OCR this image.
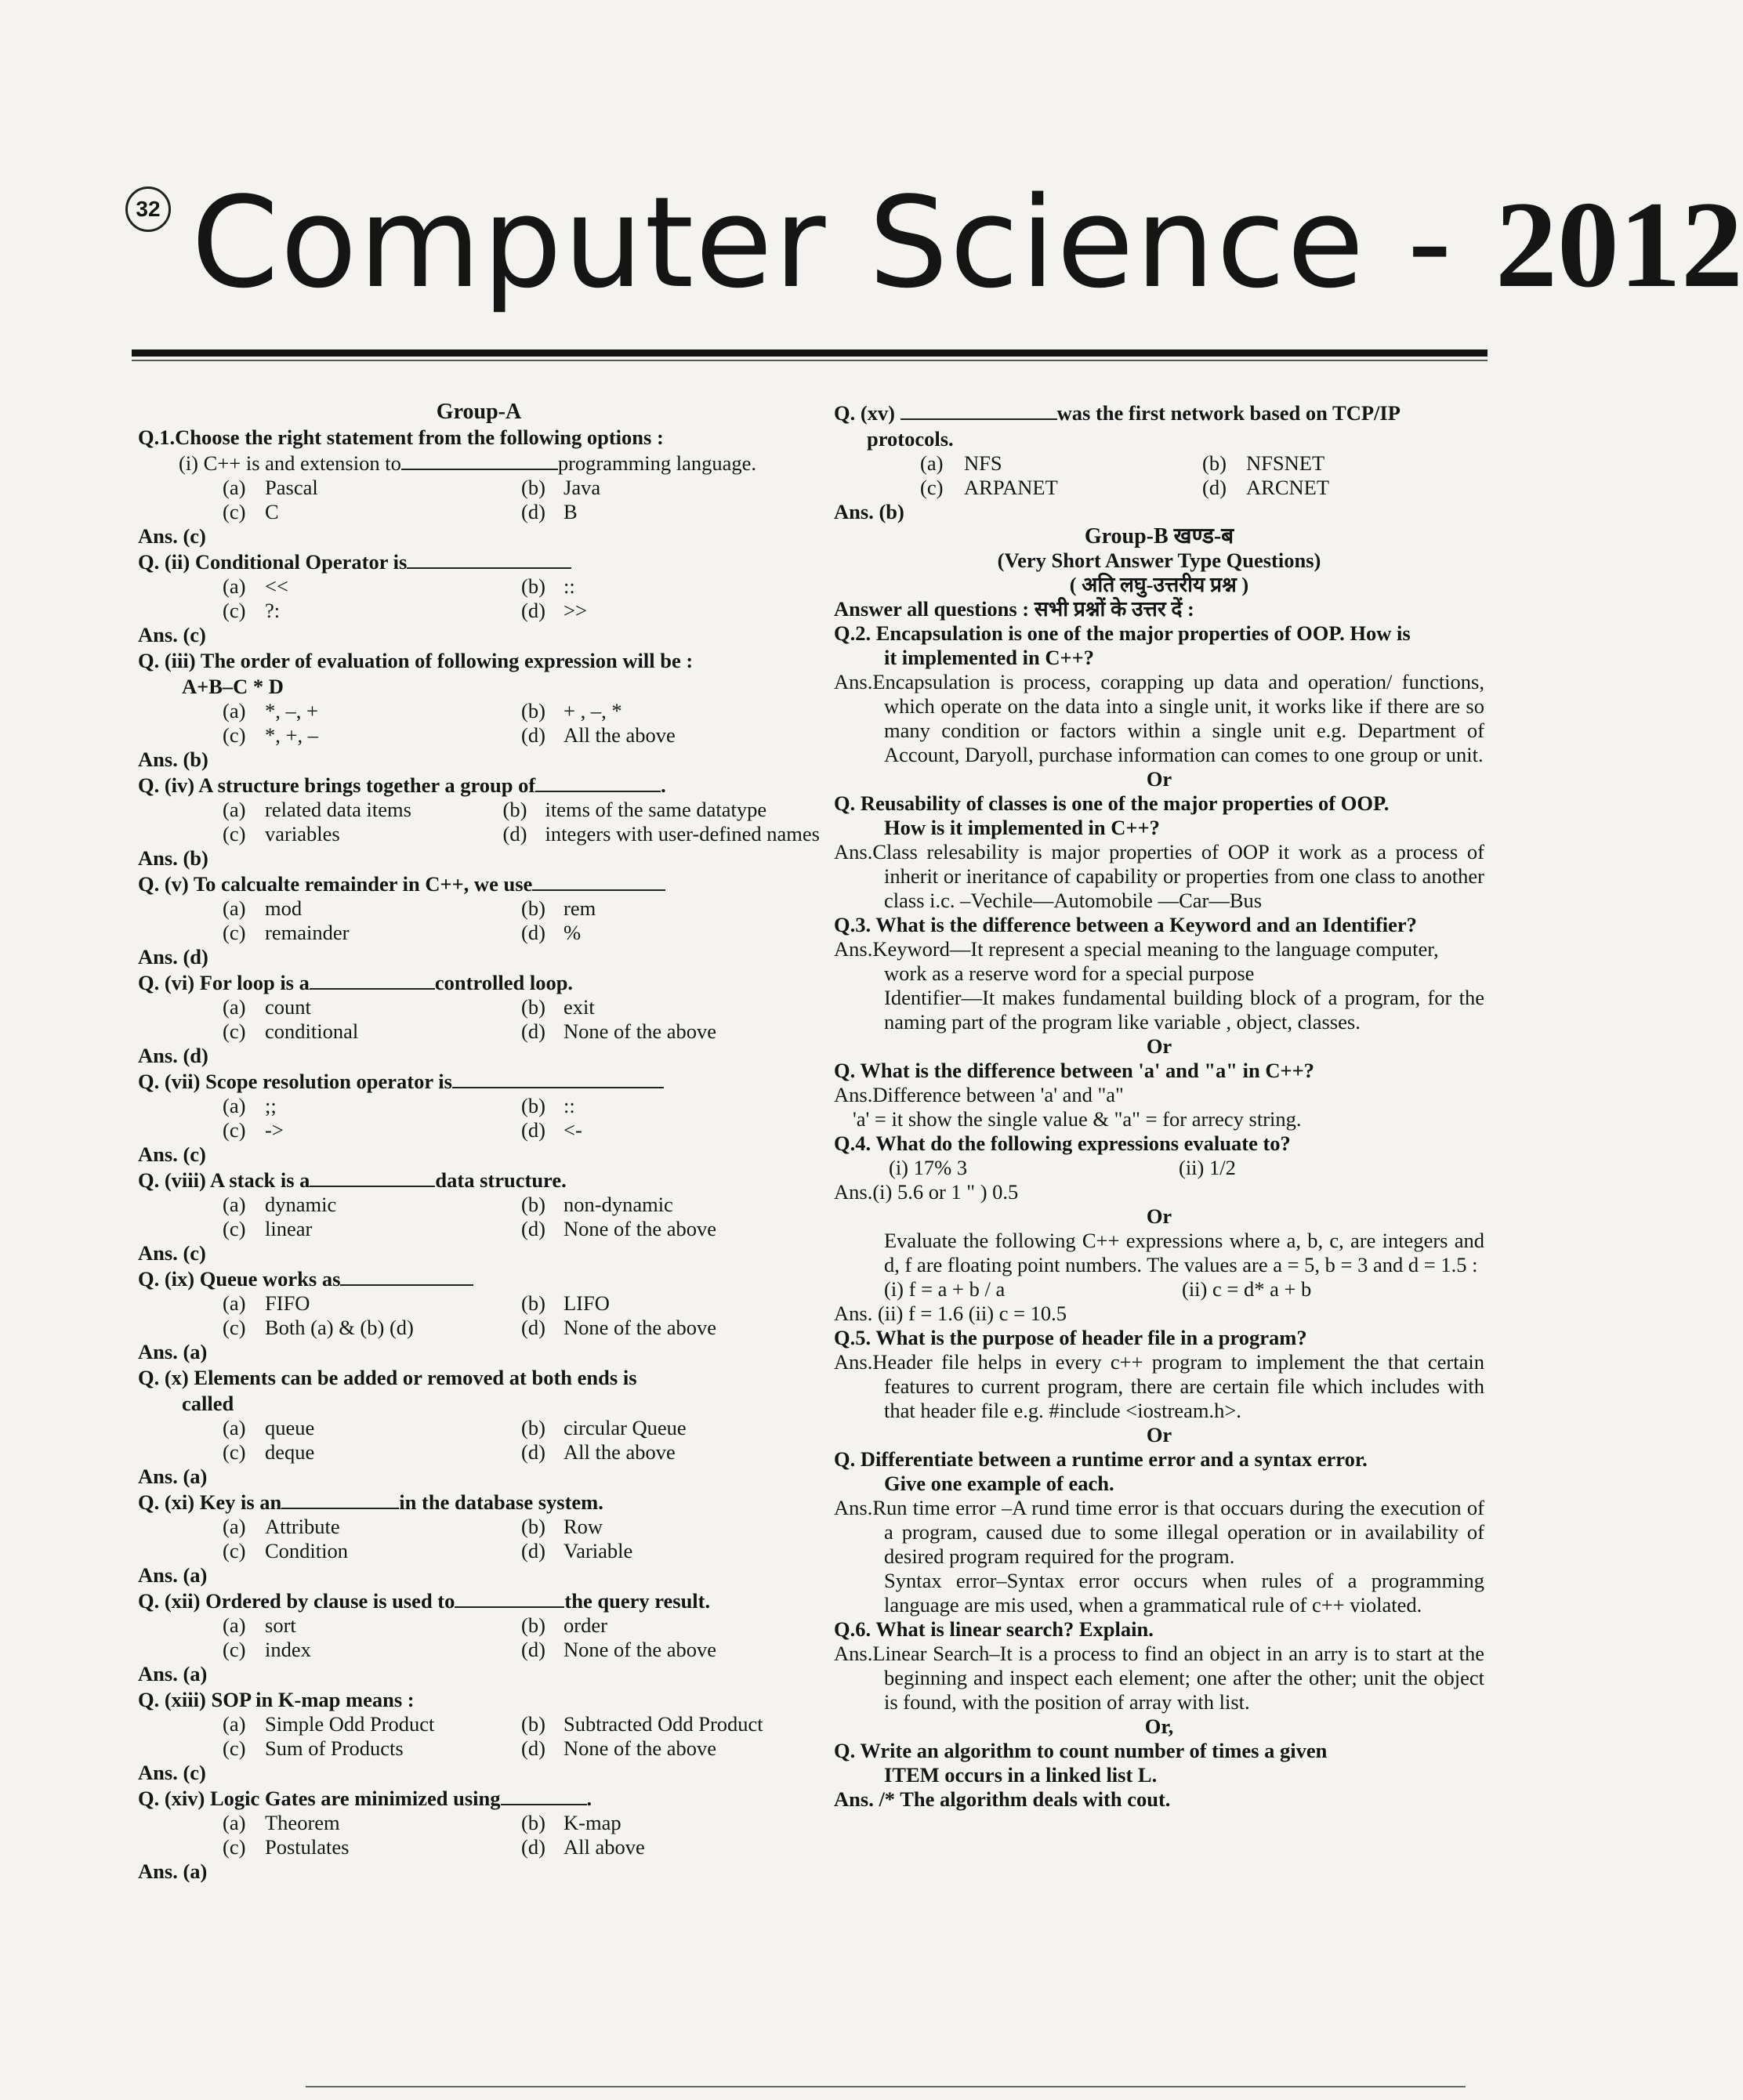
32 Computer Science - 2012
Group-A
Q.1.Choose the right statement from the following options :
(i) C++ is and extension to	programming language.
(a) Pascal	(b) Java
(c) C	(d) B
Ans. (c)
Q. (ii) Conditional Operator is
(a) <<	(b) ::
(c) ?:	(d) >>
Ans. (c)
Q. (iii) The order of evaluation of following expression will be :
A+B–C * D
(a) *, –, +	(b) + , –, *
(c) *, +, –	(d) All the above
Ans. (b)
Q. (iv) A structure brings together a group of	.
(a) related data items	(b) items of the same datatype
(c) variables	(d) integers with user-defined names
Ans. (b)
Q. (v) To calcualte remainder in C++, we use
(a) mod	(b) rem
(c) remainder	(d) %
Ans. (d)
Q. (vi) For loop is a	controlled loop.
(a) count	(b) exit
(c) conditional	(d) None of the above
Ans. (d)
Q. (vii) Scope resolution operator is
(a) ;;	(b) ::
(c) ->	(d) <-
Ans. (c)
Q. (viii) A stack is a	data structure.
(a) dynamic	(b) non-dynamic
(c) linear	(d) None of the above
Ans. (c)
Q. (ix) Queue works as
(a) FIFO	(b) LIFO
(c) Both (a) & (b) (d)	(d) None of the above
Ans. (a)
Q. (x) Elements can be added or removed at both ends is
called
(a) queue	(b) circular Queue
(c) deque	(d) All the above
Ans. (a)
Q. (xi) Key is an	in the database system.
(a) Attribute	(b) Row
(c) Condition	(d) Variable
Ans. (a)
Q. (xii) Ordered by clause is used to	the query result.
(a) sort	(b) order
(c) index	(d) None of the above
Ans. (a)
Q. (xiii) SOP in K-map means :
(a) Simple Odd Product	(b) Subtracted Odd Product
(c) Sum of Products	(d) None of the above
Ans. (c)
Q. (xiv) Logic Gates are minimized using	.
(a) Theorem	(b) K-map
(c) Postulates	(d) All above
Ans. (a)
Q. (xv)	was the first network based on TCP/IP
protocols.
(a)	NFS	(b) NFSNET
(c)	ARPANET	(d) ARCNET
Ans. (b)
Group-B खण्ड-ब
(Very Short Answer Type Questions)
( अति लघु-उत्तरीय प्रश्न )
Answer all questions : सभी प्रश्नों के उत्तर दें :
Q.2. Encapsulation is one of the major properties of OOP. How is
it implemented in C++?
Ans.Encapsulation is process, corapping up data and operation/ functions, which operate on the data into a single unit, it works like if there are so many condition or factors within a single unit e.g. Department of Account, Daryoll, purchase information can comes to one group or unit.
Or
Q. Reusability of classes is one of the major properties of OOP.
How is it implemented in C++?
Ans.Class relesability is major properties of OOP it work as a process of inherit or ineritance of capability or properties from one class to another class i.c. –Vechile—Automobile —Car—Bus
Q.3. What is the difference between a Keyword and an Identifier?
Ans.Keyword—It represent a special meaning to the language computer,
work as a reserve word for a special purpose
Identifier—It makes fundamental building block of a program, for the naming part of the program like variable , object, classes.
Or
Q. What is the difference between 'a' and "a" in C++?
Ans.Difference between 'a' and "a"
'a' = it show the single value & "a" = for arrecy string.
Q.4. What do the following expressions evaluate to?
(i) 17% 3	(ii) 1/2
Ans.(i) 5.6 or 1 " ) 0.5
Or
Evaluate the following C++ expressions where a, b, c, are integers and d, f are floating point numbers. The values are a = 5, b = 3 and d = 1.5 :
(i) f = a + b / a	(ii) c = d* a + b
Ans. (ii) f = 1.6 (ii) c = 10.5
Q.5. What is the purpose of header file in a program?
Ans.Header file helps in every c++ program to implement the that certain features to current program, there are certain file which includes with that header file e.g. #include <iostream.h>.
Or
Q. Differentiate between a runtime error and a syntax error.
Give one example of each.
Ans.Run time error –A rund time error is that occuars during the execution of a program, caused due to some illegal operation or in availability of desired program required for the program.
Syntax error–Syntax error occurs when rules of a programming language are mis used, when a grammatical rule of c++ violated.
Q.6. What is linear search? Explain.
Ans.Linear Search–It is a process to find an object in an arry is to start at the beginning and inspect each element; one after the other; unit the object is found, with the position of array with list.
Or,
Q. Write an algorithm to count number of times a given
ITEM occurs in a linked list L.
Ans. /* The algorithm deals with cout.
